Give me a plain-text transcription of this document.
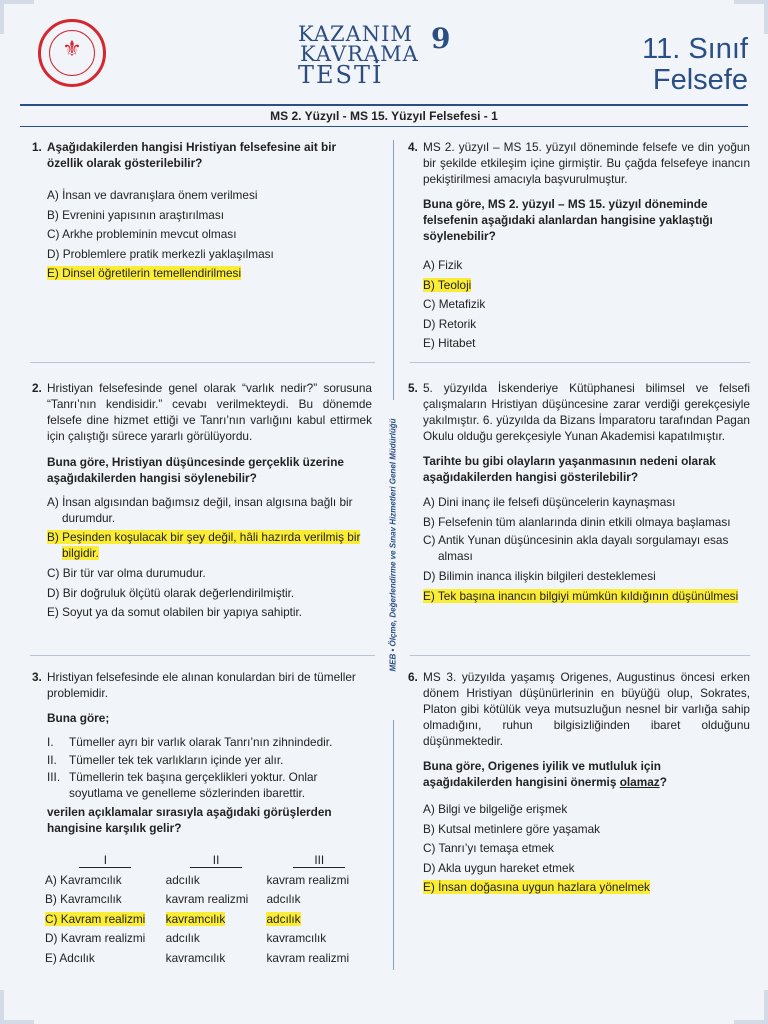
⚜
KAZANIM
KAVRAMA
TESTİ
9	11. Sınıf
Felsefe
MS 2. Yüzyıl - MS 15. Yüzyıl Felsefesi - 1
MEB • Ölçme, Değerlendirme ve Sınav Hizmetleri Genel Müdürlüğü
1. Aşağıdakilerden hangisi Hristiyan felsefesine ait bir özellik olarak gösterilebilir?
A) İnsan ve davranışlara önem verilmesi
B) Evrenini yapısının araştırılması
C) Arkhe probleminin mevcut olması
D) Problemlere pratik merkezli yaklaşılması
E) Dinsel öğretilerin temellendirilmesi
2. Hristiyan felsefesinde genel olarak “varlık nedir?” sorusuna “Tanrı’nın kendisidir.” cevabı verilmekteydi. Bu dönemde felsefe dine hizmet ettiği ve Tanrı’nın varlığını kabul ettirmek için çalıştığı sürece yararlı görülüyordu.
Buna göre, Hristiyan düşüncesinde gerçeklik üzerine aşağıdakilerden hangisi söylenebilir?
A) İnsan algısından bağımsız değil, insan algısına bağlı bir durumdur.
B) Peşinden koşulacak bir şey değil, hâli hazırda verilmiş bir bilgidir.
C) Bir tür var olma durumudur.
D) Bir doğruluk ölçütü olarak değerlendirilmiştir.
E) Soyut ya da somut olabilen bir yapıya sahiptir.
3. Hristiyan felsefesinde ele alınan konulardan biri de tümeller problemidir.
Buna göre;
I. Tümeller ayrı bir varlık olarak Tanrı’nın zihnindedir.
II. Tümeller tek tek varlıkların içinde yer alır.
III. Tümellerin tek başına gerçeklikleri yoktur. Onlar soyutlama ve genelleme sözlerinden ibarettir.
verilen açıklamalar sırasıyla aşağıdaki görüşlerden hangisine karşılık gelir?
I	II	III
A) Kavramcılık	adcılık	kavram realizmi
B) Kavramcılık	kavram realizmi	adcılık
C) Kavram realizmi	kavramcılık	adcılık
D) Kavram realizmi	adcılık	kavramcılık
E) Adcılık	kavramcılık	kavram realizmi
4. MS 2. yüzyıl – MS 15. yüzyıl döneminde felsefe ve din yoğun bir şekilde etkileşim içine girmiştir. Bu çağda felsefeye inancın pekiştirilmesi amacıyla başvurulmuştur.
Buna göre, MS 2. yüzyıl – MS 15. yüzyıl döneminde felsefenin aşağıdaki alanlardan hangisine yaklaştığı söylenebilir?
A) Fizik
B) Teoloji
C) Metafizik
D) Retorik
E) Hitabet
5. 5. yüzyılda İskenderiye Kütüphanesi bilimsel ve felsefi çalışmaların Hristiyan düşüncesine zarar verdiği gerekçesiyle yakılmıştır. 6. yüzyılda da Bizans İmparatoru tarafından Pagan Okulu olduğu gerekçesiyle Yunan Akademisi kapatılmıştır.
Tarihte bu gibi olayların yaşanmasının nedeni olarak aşağıdakilerden hangisi gösterilebilir?
A) Dini inanç ile felsefi düşüncelerin kaynaşması
B) Felsefenin tüm alanlarında dinin etkili olmaya başlaması
C) Antik Yunan düşüncesinin akla dayalı sorgulamayı esas alması
D) Bilimin inanca ilişkin bilgileri desteklemesi
E) Tek başına inancın bilgiyi mümkün kıldığının düşünülmesi
6. MS 3. yüzyılda yaşamış Origenes, Augustinus öncesi erken dönem Hristiyan düşünürlerinin en büyüğü olup, Sokrates, Platon gibi kötülük veya mutsuzluğun nesnel bir varlığa sahip olmadığını, ruhun bilgisizliğinden ibaret olduğunu düşünmektedir.
Buna göre, Origenes iyilik ve mutluluk için aşağıdakilerden hangisini önermiş olamaz?
A) Bilgi ve bilgeliğe erişmek
B) Kutsal metinlere göre yaşamak
C) Tanrı’yı temaşa etmek
D) Akla uygun hareket etmek
E) İnsan doğasına uygun hazlara yönelmek
